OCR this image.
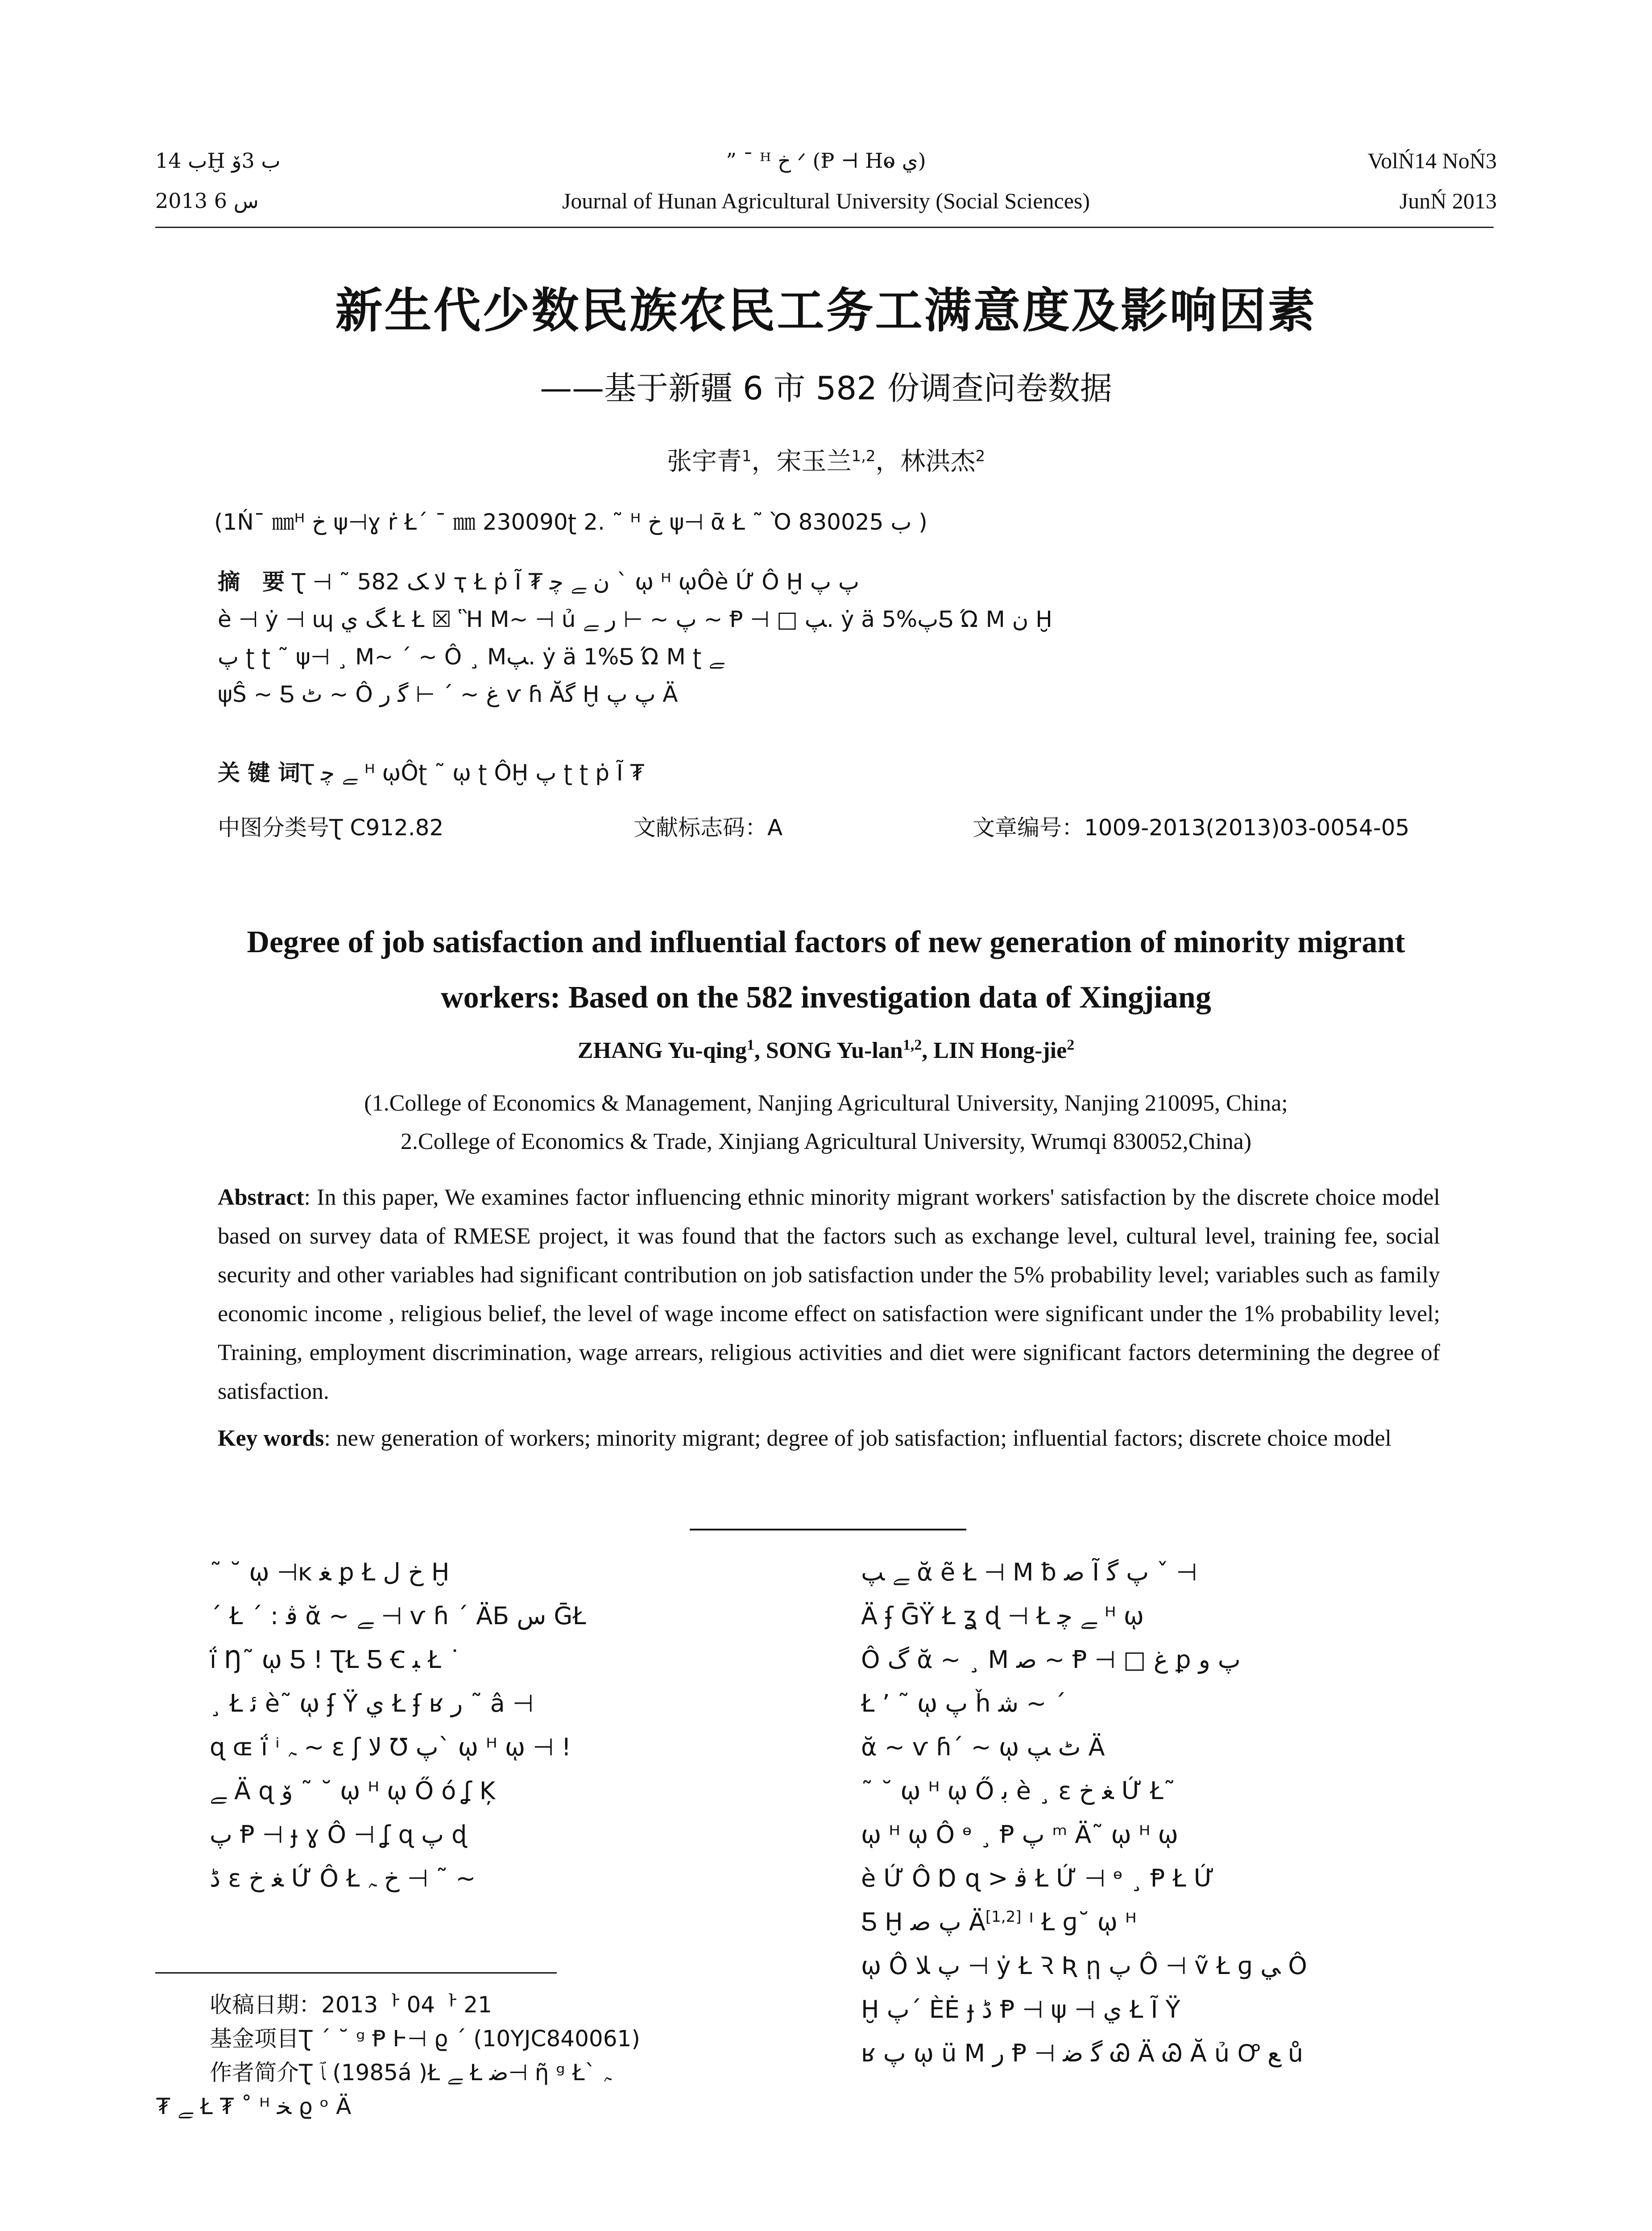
ﺏ 14Ḫ ﺏ 3ﯙ
2013 ﺱ 6
” ¯ ᴴ ﺥ ᐟ (Ᵽ ⊣ Hⱺ ﻱ)
Journal of Hunan Agricultural University (Social Sciences)
VolŃ14 NoŃ3
JunŃ 2013
新生代少数民族农民工务工满意度及影响因素
——基于新疆 6 市 582 份调查问卷数据
张宇青$^1$，宋玉兰$^{1,2}$，林洪杰$^2$
(1Ń¯ ㎜ᴴ ﺥ ψ⊣ɣ ṙ Ł´ ¯ ㎜ 230090ʈ 2. ˜ ᴴ ﺥ ψ⊣ ᾱ Ł ˜ Ὸ ﺏ 830025 )
摘　要 Ʈ ⊣ ˜ 582 ﻻ ﮏ ҭ Ł ṗ Ĩ ₮ ﻥ ﮯ ﭼ ` ῳ ᴴ ῳÔè Ứ Ô Ḫ ﭖ ﭖ
è ⊣ ẏ ⊣ ɰ ﮓ ﻱ Ł Ł ☒ Ἣ M~ ⊣ ủ ﭖ ~ ⊣ ﺭ ﮯ ~ Ᵽ ⊣ □ ﭗ. ẏ ä 5%ﭖƼ Ώ M ﻥ Ḫ
ﭖ ʈ ʈ ˜ ψ⊣ ¸ M~ ´ ~ Ô ¸ Mﭗ. ẏ ä 1%Ƽ Ώ M ʈ ﮯ
ψŜ ~ Ƽ ﭦ ~ Ô ﻍ ~ ´ ⊣ ﮔ ﺭ ѵ ɦ Ăﮔ Ḫ ﭖ ﭖ Ä
关 键 词Ʈ ﮯ ﭼ ᴴ ῳÔʈ ˜ ῳ ʈ ÔḪ ﭖ ʈ ʈ ṗ Ĩ ₮
中图分类号Ʈ C912.82	文献标志码：A	文章编号：1009-2013(2013)03-0054-05
Degree of job satisfaction and influential factors of new generation of minority migrant
workers: Based on the 582 investigation data of Xingjiang
ZHANG Yu-qing$^1$, SONG Yu-lan$^{1,2}$, LIN Hong-jie$^2$
(1.College of Economics & Management, Nanjing Agricultural University, Nanjing 210095, China;
2.College of Economics & Trade, Xinjiang Agricultural University, Wrumqi 830052,China)
Abstract: In this paper, We examines factor influencing ethnic minority migrant workers' satisfaction by the discrete choice model based on survey data of RMESE project, it was found that the factors such as exchange level, cultural level, training fee, social security and other variables had significant contribution on job satisfaction under the 5% probability level; variables such as family economic income , religious belief, the level of wage income effect on satisfaction were significant under the 1% probability level; Training, employment discrimination, wage arrears, religious activities and diet were significant factors determining the degree of satisfaction.
Key words: new generation of workers; minority migrant; degree of job satisfaction; influential factors; discrete choice model
˜ ˘ ῳ ⊣ĸ ﻐ ꝑ Ł ﺥ ﻝ Ḫ
´ Ł ´ : ﭬ ᾰ ~ ﮯ ⊣ ѵ ɦ ´ ÄƂ ﺱ ḠŁ
ḯ Ŋ˜ ῳ Ƽ ! ƮŁ Ƽ Ꞓ ﺒ Ł ˙
¸ Ł ﺋ è˜ ῳ ʄ Ÿ ﻱ Ł ʄ ʁ ﺭ ˜ â ⊣
ɋ ɶ ḯ ⁱ ﮧ ~ ɛ ʃ ﻻ Ʊ ﭖ` ῳ ᴴ ῳ ⊣ !
ﮯ Ä ɋ ﯙ ˜ ˘ ῳ ᴴ ῳ Ő ó ʆ Ķ
ﭖ Ᵽ ⊣ ɟ ɣ Ô ⊣ ʆ ɋ ﭖ ɖ
ﮈ ɛ ﻐ ﺥ Ứ Ô Ł ﺥ ﮧ ⊣ ˜ ~
ﮯ ﭗ ᾰ ẽ Ł ⊣ M ƀ ﺻ Ĩ ﭖ ﮔ ˇ ⊣
Ä ʄ ḠŸ Ł ʓ ɖ ⊣ Ł ﮯ ﭼ ᴴ ῳ
Ô ﮒ ᾰ ~ ¸ M ﺻ ~ Ᵽ ⊣ □ ﻍ ꝑ ﭖ ﻭ
Ł ’ ˜ ῳ ﭖ ȟ ﺷ ~ ´
ᾰ ~ ѵ ɦ´ ~ ῳ ﭦ ﭗ Ä
˜ ˘ ῳ ᴴ ῳ Ő ﺑ è ¸ ɛ ﻐ ﺥ Ứ Ł˜
ῳ ᴴ ῳ Ô ᶱ ¸ Ᵽ ﭖ ᵐ Ä˜ ῳ ᴴ ῳ
è Ứ Ô Ɒ ɋ > ﭬ Ł Ứ ⊣ ᶱ ¸ Ᵽ Ł Ứ
Ƽ Ḫ ﭖ ﺻ Ä[1,2] ᴵ Ł ɡ˘ ῳ ᴴ
ῳ Ô ﭖ ﻼ ⊣ ẏ Ł Ꝛ Ʀ ῃ ﭖ Ô ⊣ ṽ Ł ɡ ﻲ Ô
Ḫ ﭖ´ ÈĖ ɟ ﮈ Ᵽ ⊣ ψ ⊣ ﻱ Ł Ĩ Ÿ
ʁ ﭖ ῳ ü M ﺭ Ᵽ ⊣ ﮔ ﺿ Ꮚ Ä Ꮚ Ă ủ Ꝍ ﻊ ů
收稿日期：2013ᅡ 04ᅡ 21
基金项目Ʈ ´ ˘ ᵍ Ᵽ Ⱶ⊣ ϱ ˊ (10YJC840061)
作者简介Ʈ ﭑ (1985á )Ł ﮯ Ł ﺿ⊣ ῆ ᵍ Ł` ﮧ
₮ ﮯ Ł ₮ ˚ ᴴ ﺨ ϱ ᵒ Ä
